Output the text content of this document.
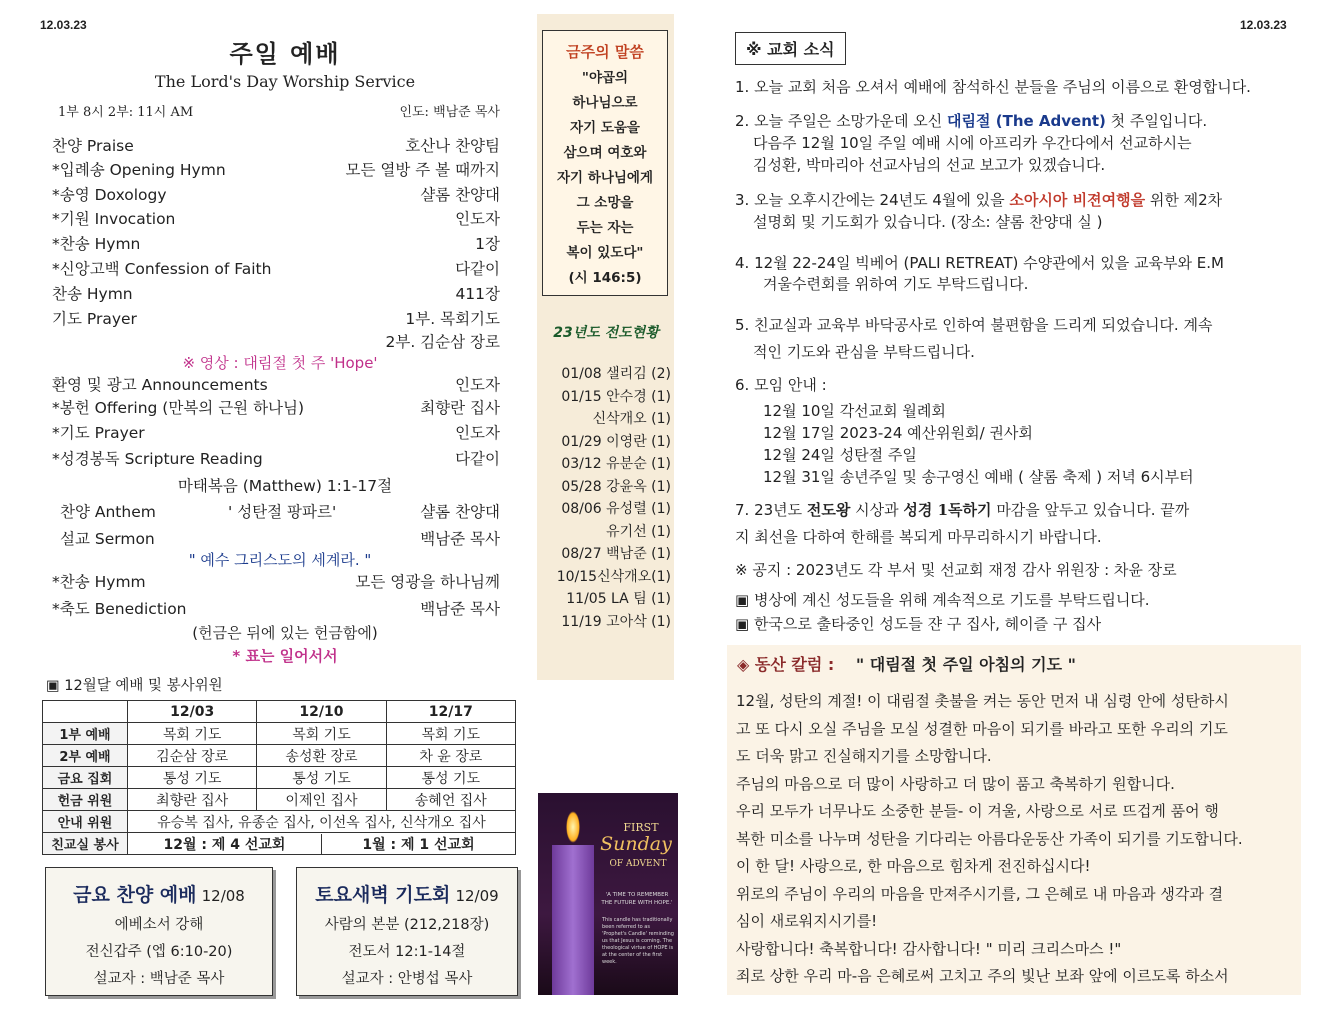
12.03.23	12.03.23
주일 예배
The Lord's Day Worship Service
1부 8시 2부: 11시 AM	인도: 백남준 목사
찬양 Praise	호산나 찬양팀
*입례송 Opening Hymn	모든 열방 주 볼 때까지
*송영 Doxology	샬롬 찬양대
*기원 Invocation	인도자
*찬송 Hymn	1장
*신앙고백 Confession of Faith	다같이
찬송 Hymn	411장
기도 Prayer	1부. 목회기도
2부. 김순삼 장로
※ 영상 : 대림절 첫 주 'Hope'
환영 및 광고 Announcements	인도자
*봉헌 Offering (만복의 근원 하나님)	최향란 집사
*기도 Prayer	인도자
*성경봉독 Scripture Reading	다같이
마태복음 (Matthew) 1:1-17절
찬양 Anthem	' 성탄절 팡파르'	샬롬 찬양대
설교 Sermon	백남준 목사
" 예수 그리스도의 세계라. "
*찬송 Hymm	모든 영광을 하나님께
*축도 Benediction	백남준 목사
(헌금은 뒤에 있는 헌금함에)
* 표는 일어서서
▣ 12월달 예배 및 봉사위원
	12/03	12/10	12/17
1부 예배	목회 기도	목회 기도	목회 기도
2부 예배	김순삼 장로	송성환 장로	차 윤 장로
금요 집회	통성 기도	통성 기도	통성 기도
헌금 위원	최향란 집사	이제인 집사	송혜언 집사
안내 위원	유승복 집사, 유종순 집사, 이선옥 집사, 신삭개오 집사		
친교실 봉사	12월 : 제 4 선교회 1월 : 제 1 선교회		
금요 찬양 예배 12/08
에베소서 강해
전신갑주 (엡 6:10-20)
설교자 : 백남준 목사
토요새벽 기도회 12/09
사람의 본분 (212,218장)
전도서 12:1-14절
설교자 : 안병섭 목사
금주의 말씀
"야곱의
하나님으로
자기 도움을
삼으며 여호와
자기 하나님에게
그 소망을
두는 자는
복이 있도다"
(시 146:5)
23년도 전도현황
01/08 샐리김 (2)
01/15 안수경 (1)
신삭개오 (1)
01/29 이영란 (1)
03/12 유분순 (1)
05/28 강윤옥 (1)
08/06 유성렬 (1)
유기선 (1)
08/27 백남준 (1)
10/15신삭개오(1)
11/05 LA 팀 (1)
11/19 고아삭 (1)
FIRST
Sunday
OF ADVENT
'A TIME TO REMEMBER THE FUTURE WITH HOPE.'
This candle has traditionally been referred to as 'Prophet's Candle' reminding us that Jesus is coming. The theological virtue of HOPE is at the center of the first week.
※ 교회 소식
1. 오늘 교회 처음 오셔서 예배에 참석하신 분들을 주님의 이름으로 환영합니다.
2. 오늘 주일은 소망가운데 오신 대림절 (The Advent) 첫 주일입니다.
다음주 12월 10일 주일 예배 시에 아프리카 우간다에서 선교하시는
김성환, 박마리아 선교사님의 선교 보고가 있겠습니다.
3. 오늘 오후시간에는 24년도 4월에 있을 소아시아 비젼여행을 위한 제2차
설명회 및 기도회가 있습니다. (장소: 샬롬 찬양대 실 )
4. 12월 22-24일 빅베어 (PALI RETREAT) 수양관에서 있을 교육부와 E.M
겨울수련회를 위하여 기도 부탁드립니다.
5. 친교실과 교육부 바닥공사로 인하여 불편함을 드리게 되었습니다. 계속
적인 기도와 관심을 부탁드립니다.
6. 모임 안내 :
12월 10일 각선교회 월례회
12월 17일 2023-24 예산위원회/ 권사회
12월 24일 성탄절 주일
12월 31일 송년주일 및 송구영신 예배 ( 샬롬 축제 ) 저녁 6시부터
7. 23년도 전도왕 시상과 성경 1독하기 마감을 앞두고 있습니다. 끝까
지 최선을 다하여 한해를 복되게 마무리하시기 바랍니다.
※ 공지 : 2023년도 각 부서 및 선교회 재정 감사 위원장 : 차윤 장로
▣ 병상에 계신 성도들을 위해 계속적으로 기도를 부탁드립니다.
▣ 한국으로 출타중인 성도들 쟌 구 집사, 헤이즐 구 집사
◈ 동산 칼럼 : " 대림절 첫 주일 아침의 기도 "
12월, 성탄의 계절! 이 대림절 촛불을 켜는 동안 먼저 내 심령 안에 성탄하시
고 또 다시 오실 주님을 모실 성결한 마음이 되기를 바라고 또한 우리의 기도
도 더욱 맑고 진실해지기를 소망합니다.
주님의 마음으로 더 많이 사랑하고 더 많이 품고 축복하기 원합니다.
우리 모두가 너무나도 소중한 분들- 이 겨울, 사랑으로 서로 뜨겁게 품어 행
복한 미소를 나누며 성탄을 기다리는 아름다운동산 가족이 되기를 기도합니다.
이 한 달! 사랑으로, 한 마음으로 힘차게 전진하십시다!
위로의 주님이 우리의 마음을 만져주시기를, 그 은혜로 내 마음과 생각과 결
심이 새로워지시기를!
사랑합니다! 축복합니다! 감사합니다! " 미리 크리스마스 !"
죄로 상한 우리 마-음 은혜로써 고치고 주의 빛난 보좌 앞에 이르도록 하소서
